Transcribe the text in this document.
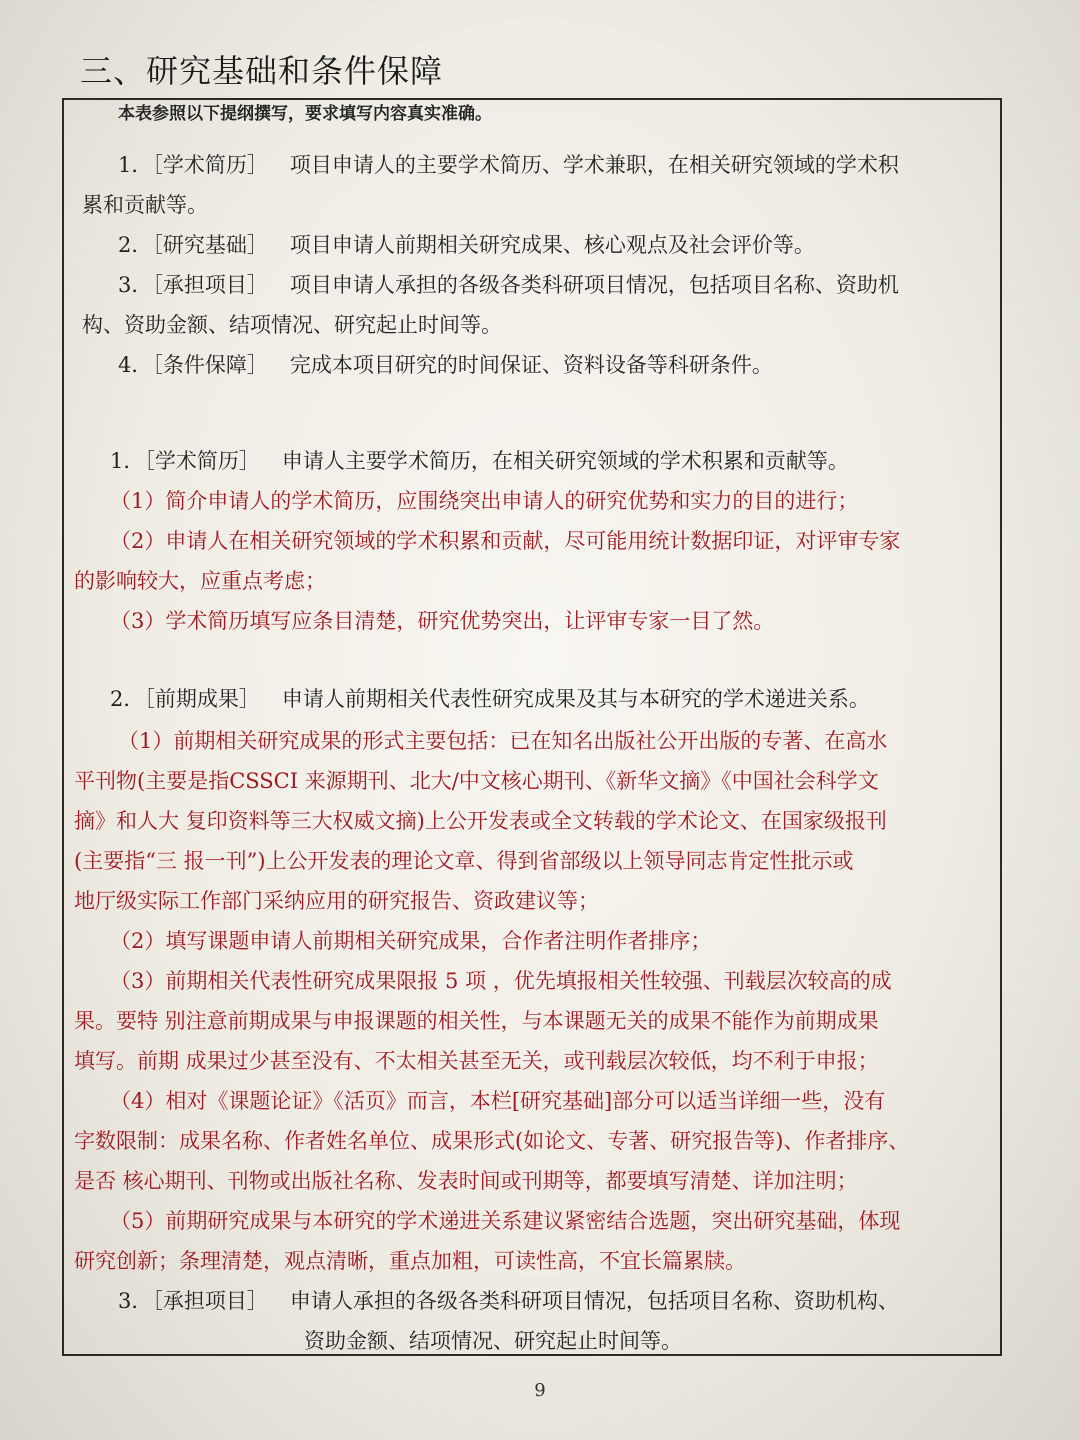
三、研究基础和条件保障
本表参照以下提纲撰写，要求填写内容真实准确。
1．［学术简历］ 项目申请人的主要学术简历、学术兼职，在相关研究领域的学术积
累和贡献等。
2．［研究基础］ 项目申请人前期相关研究成果、核心观点及社会评价等。
3．［承担项目］ 项目申请人承担的各级各类科研项目情况，包括项目名称、资助机
构、资助金额、结项情况、研究起止时间等。
4．［条件保障］ 完成本项目研究的时间保证、资料设备等科研条件。
1．［学术简历］ 申请人主要学术简历，在相关研究领域的学术积累和贡献等。
（1）简介申请人的学术简历，应围绕突出申请人的研究优势和实力的目的进行；
（2）申请人在相关研究领域的学术积累和贡献，尽可能用统计数据印证，对评审专家
的影响较大，应重点考虑；
（3）学术简历填写应条目清楚，研究优势突出，让评审专家一目了然。
2．［前期成果］ 申请人前期相关代表性研究成果及其与本研究的学术递进关系。
（1）前期相关研究成果的形式主要包括：已在知名出版社公开出版的专著、在高水
平刊物(主要是指CSSCI 来源期刊、北大/中文核心期刊、《新华文摘》《中国社会科学文
摘》和人大 复印资料等三大权威文摘)上公开发表或全文转载的学术论文、在国家级报刊
(主要指“三 报一刊”)上公开发表的理论文章、得到省部级以上领导同志肯定性批示或
地厅级实际工作部门采纳应用的研究报告、资政建议等；
（2）填写课题申请人前期相关研究成果，合作者注明作者排序；
（3）前期相关代表性研究成果限报 5 项 ，优先填报相关性较强、刊载层次较高的成
果。要特 别注意前期成果与申报课题的相关性，与本课题无关的成果不能作为前期成果
填写。前期 成果过少甚至没有、不太相关甚至无关，或刊载层次较低，均不利于申报；
（4）相对《课题论证》《活页》而言，本栏[研究基础]部分可以适当详细一些，没有
字数限制：成果名称、作者姓名单位、成果形式(如论文、专著、研究报告等)、作者排序、
是否 核心期刊、刊物或出版社名称、发表时间或刊期等，都要填写清楚、详加注明；
（5）前期研究成果与本研究的学术递进关系建议紧密结合选题，突出研究基础，体现
研究创新；条理清楚，观点清晰，重点加粗，可读性高，不宜长篇累牍。
3．［承担项目］ 申请人承担的各级各类科研项目情况，包括项目名称、资助机构、
资助金额、结项情况、研究起止时间等。
9
